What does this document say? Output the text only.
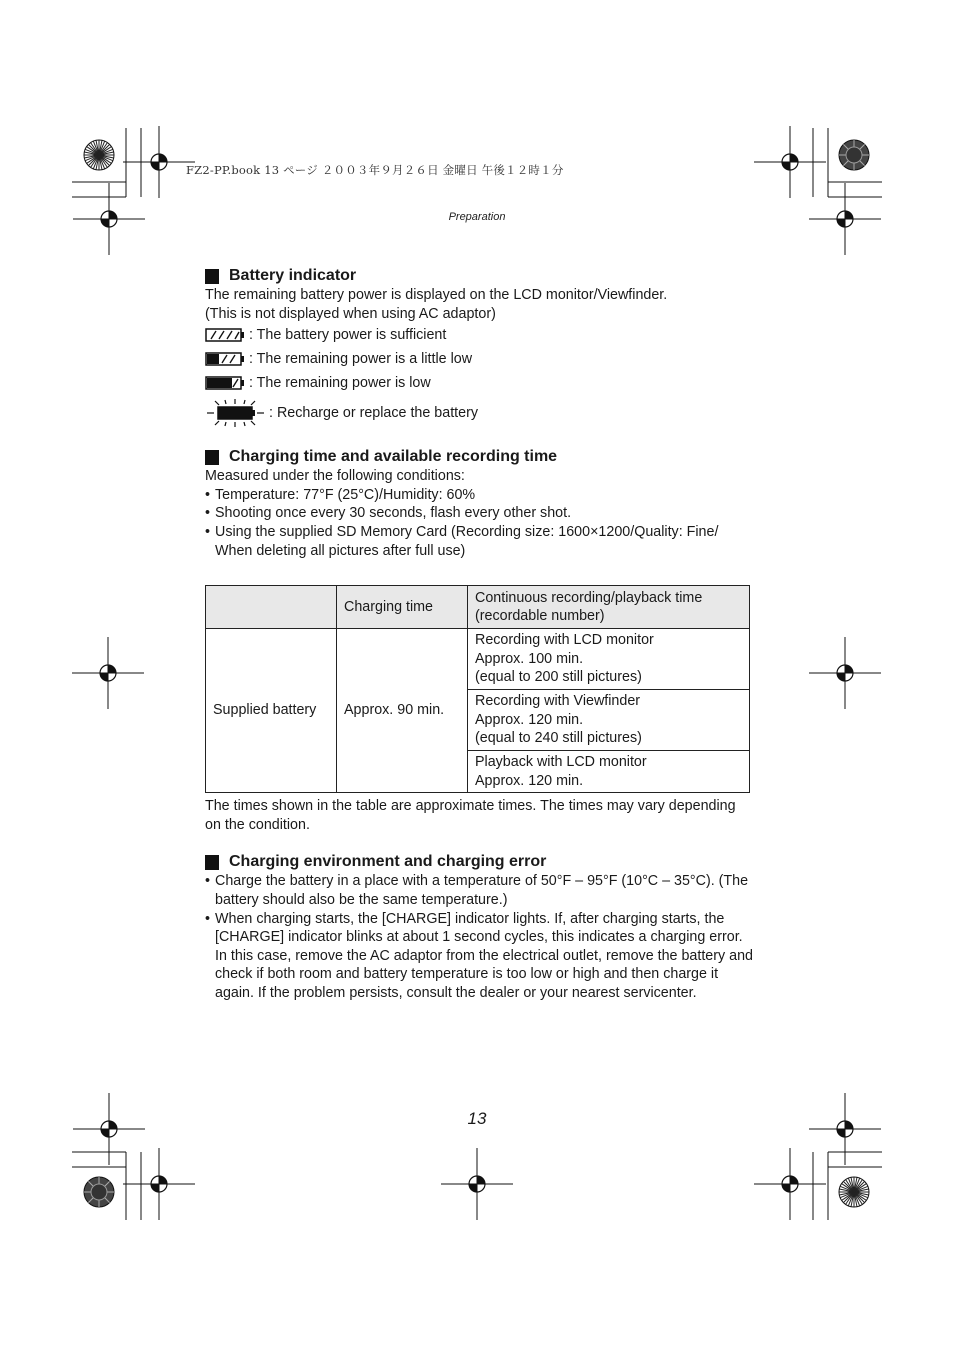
FZ2-PP.book 13 ページ ２００３年９月２６日 金曜日 午後１２時１分
Preparation
Battery indicator

The remaining battery power is displayed on the LCD monitor/Viewfinder.

(This is not displayed when using AC adaptor)

: The battery power is sufficient
: The remaining power is a little low
: The remaining power is low
: Recharge or replace the battery
Charging time and available recording time

Measured under the following conditions:

• Temperature: 77°F (25°C)/Humidity: 60%
• Shooting once every 30 seconds, flash every other shot.
• Using the supplied SD Memory Card (Recording size: 1600×1200/Quality: Fine/ When deleting all pictures after full use)
	Charging time	Continuous recording/playback time (recordable number)
Supplied battery	Approx. 90 min.	Recording with LCD monitor
Approx. 100 min.
(equal to 200 still pictures)

		Recording with Viewfinder
Approx. 120 min.
(equal to 240 still pictures)

		Playback with LCD monitor
Approx. 120 min.

The times shown in the table are approximate times. The times may vary depending on the condition.

Charging environment and charging error
• Charge the battery in a place with a temperature of 50°F – 95°F (10°C – 35°C). (The battery should also be the same temperature.)
• When charging starts, the [CHARGE] indicator lights. If, after charging starts, the [CHARGE] indicator blinks at about 1 second cycles, this indicates a charging error.
In this case, remove the AC adaptor from the electrical outlet, remove the battery and check if both room and battery temperature is too low or high and then charge it again. If the problem persists, consult the dealer or your nearest servicenter.
13
